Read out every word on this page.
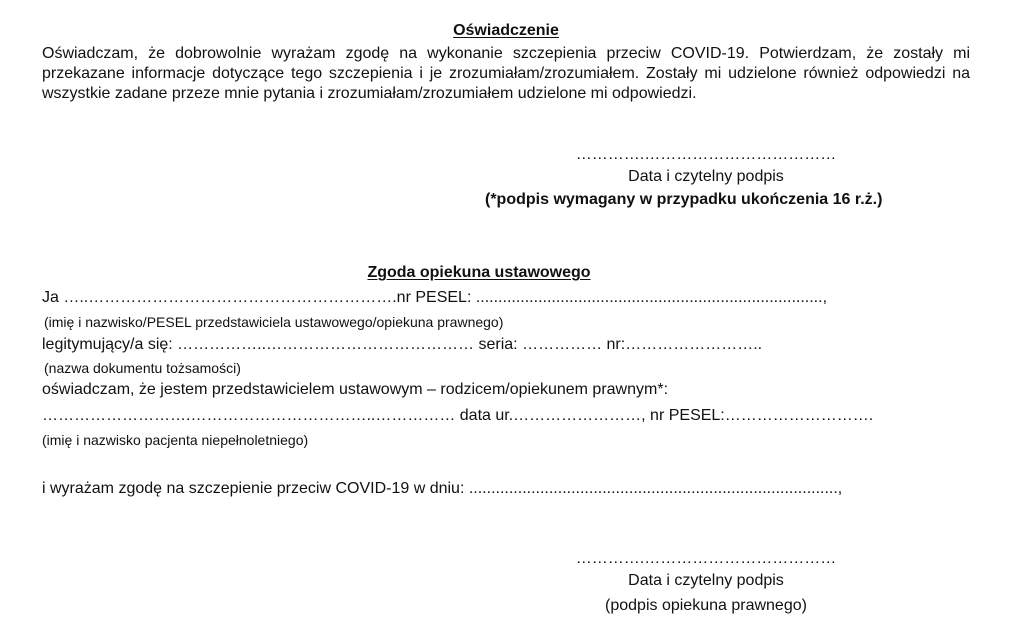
Oświadczenie
Oświadczam, że dobrowolnie wyrażam zgodę na wykonanie szczepienia przeciw COVID-19. Potwierdzam, że zostały mi przekazane informacje dotyczące tego szczepienia i je zrozumiałam/zrozumiałem. Zostały mi udzielone również odpowiedzi na wszystkie zadane przeze mnie pytania i zrozumiałam/zrozumiałem udzielone mi odpowiedzi.
………….………………………………
Data i czytelny podpis
(*podpis wymagany w przypadku ukończenia 16 r.ż.)
Zgoda opiekuna ustawowego
Ja …..………………………………………………….nr PESEL: ..............................................................................,
(imię i nazwisko/PESEL przedstawiciela ustawowego/opiekuna prawnego)
legitymujący/a się: ……………..………………………………… seria: …………… nr:……………………..
(nazwa dokumentu tożsamości)
oświadczam, że jestem przedstawicielem ustawowym – rodzicem/opiekunem prawnym*:
……………………….……………………………..…………… data ur.……………………, nr PESEL:……………………….
(imię i nazwisko pacjenta niepełnoletniego)
i wyrażam zgodę na szczepienie przeciw COVID-19 w dniu: ...................................................................................,
………….………………………………
Data i czytelny podpis
(podpis opiekuna prawnego)
